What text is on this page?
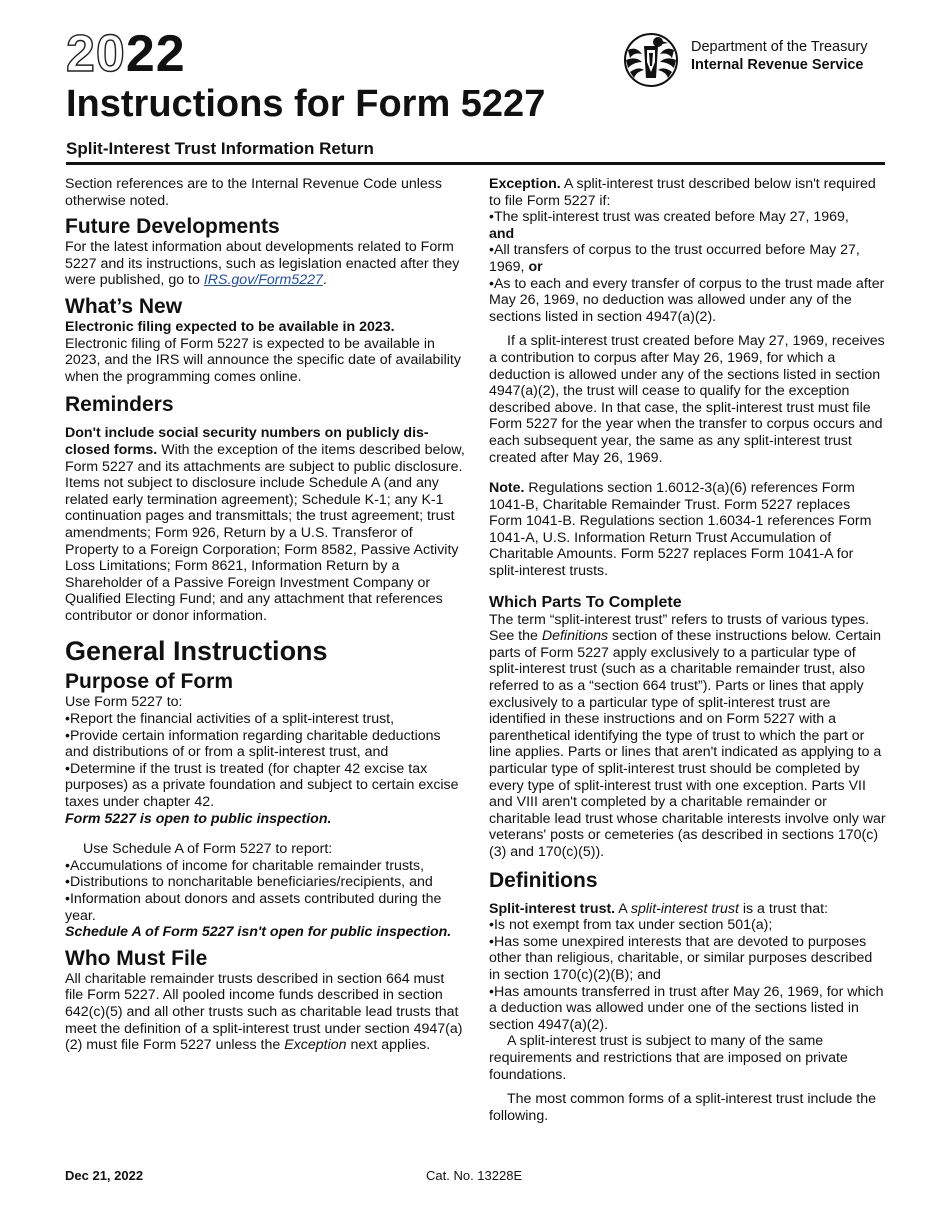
2022
Instructions for Form 5227
Split-Interest Trust Information Return
Department of the Treasury
Internal Revenue Service

Section references are to the Internal Revenue Code unless otherwise noted.

Future Developments

For the latest information about developments related to Form 5227 and its instructions, such as legislation enacted after they were published, go to IRS.gov/Form5227.

What’s New

Electronic filing expected to be available in 2023.
Electronic filing of Form 5227 is expected to be available in 2023, and the IRS will announce the specific date of availability when the programming comes online.

Reminders

Don't include social security numbers on publicly dis-closed forms. With the exception of the items described below, Form 5227 and its attachments are subject to public disclosure. Items not subject to disclosure include Schedule A (and any related early termination agreement); Schedule K-1; any K-1 continuation pages and transmittals; the trust agreement; trust amendments; Form 926, Return by a U.S. Transferor of Property to a Foreign Corporation; Form 8582, Passive Activity Loss Limitations; Form 8621, Information Return by a Shareholder of a Passive Foreign Investment Company or Qualified Electing Fund; and any attachment that references contributor or donor information.

General Instructions
Purpose of Form

Use Form 5227 to:

•Report the financial activities of a split-interest trust,

•Provide certain information regarding charitable deductions and distributions of or from a split-interest trust, and

•Determine if the trust is treated (for chapter 42 excise tax purposes) as a private foundation and subject to certain excise taxes under chapter 42.

Form 5227 is open to public inspection.

Use Schedule A of Form 5227 to report:

•Accumulations of income for charitable remainder trusts,

•Distributions to noncharitable beneficiaries/recipients, and

•Information about donors and assets contributed during the year.

Schedule A of Form 5227 isn't open for public inspection.

Who Must File

All charitable remainder trusts described in section 664 must file Form 5227. All pooled income funds described in section 642(c)(5) and all other trusts such as charitable lead trusts that meet the definition of a split-interest trust under section 4947(a)(2) must file Form 5227 unless the Exception next applies.

Exception. A split-interest trust described below isn't required to file Form 5227 if:

•The split-interest trust was created before May 27, 1969,

and

•All transfers of corpus to the trust occurred before May 27, 1969, or

•As to each and every transfer of corpus to the trust made after May 26, 1969, no deduction was allowed under any of the sections listed in section 4947(a)(2).

If a split-interest trust created before May 27, 1969, receives a contribution to corpus after May 26, 1969, for which a deduction is allowed under any of the sections listed in section 4947(a)(2), the trust will cease to qualify for the exception described above. In that case, the split-interest trust must file Form 5227 for the year when the transfer to corpus occurs and each subsequent year, the same as any split-interest trust created after May 26, 1969.

Note. Regulations section 1.6012-3(a)(6) references Form 1041-B, Charitable Remainder Trust. Form 5227 replaces Form 1041-B. Regulations section 1.6034-1 references Form 1041-A, U.S. Information Return Trust Accumulation of Charitable Amounts. Form 5227 replaces Form 1041-A for split-interest trusts.

Which Parts To Complete

The term “split-interest trust” refers to trusts of various types. See the Definitions section of these instructions below. Certain parts of Form 5227 apply exclusively to a particular type of split-interest trust (such as a charitable remainder trust, also referred to as a “section 664 trust”). Parts or lines that apply exclusively to a particular type of split-interest trust are identified in these instructions and on Form 5227 with a parenthetical identifying the type of trust to which the part or line applies. Parts or lines that aren't indicated as applying to a particular type of split-interest trust should be completed by every type of split-interest trust with one exception. Parts VII and VIII aren't completed by a charitable remainder or charitable lead trust whose charitable interests involve only war veterans' posts or cemeteries (as described in sections 170(c)(3) and 170(c)(5)).

Definitions

Split-interest trust. A split-interest trust is a trust that:

•Is not exempt from tax under section 501(a);

•Has some unexpired interests that are devoted to purposes other than religious, charitable, or similar purposes described in section 170(c)(2)(B); and

•Has amounts transferred in trust after May 26, 1969, for which a deduction was allowed under one of the sections listed in section 4947(a)(2).

A split-interest trust is subject to many of the same requirements and restrictions that are imposed on private foundations.

The most common forms of a split-interest trust include the following.

Dec 21, 2022	Cat. No. 13228E
